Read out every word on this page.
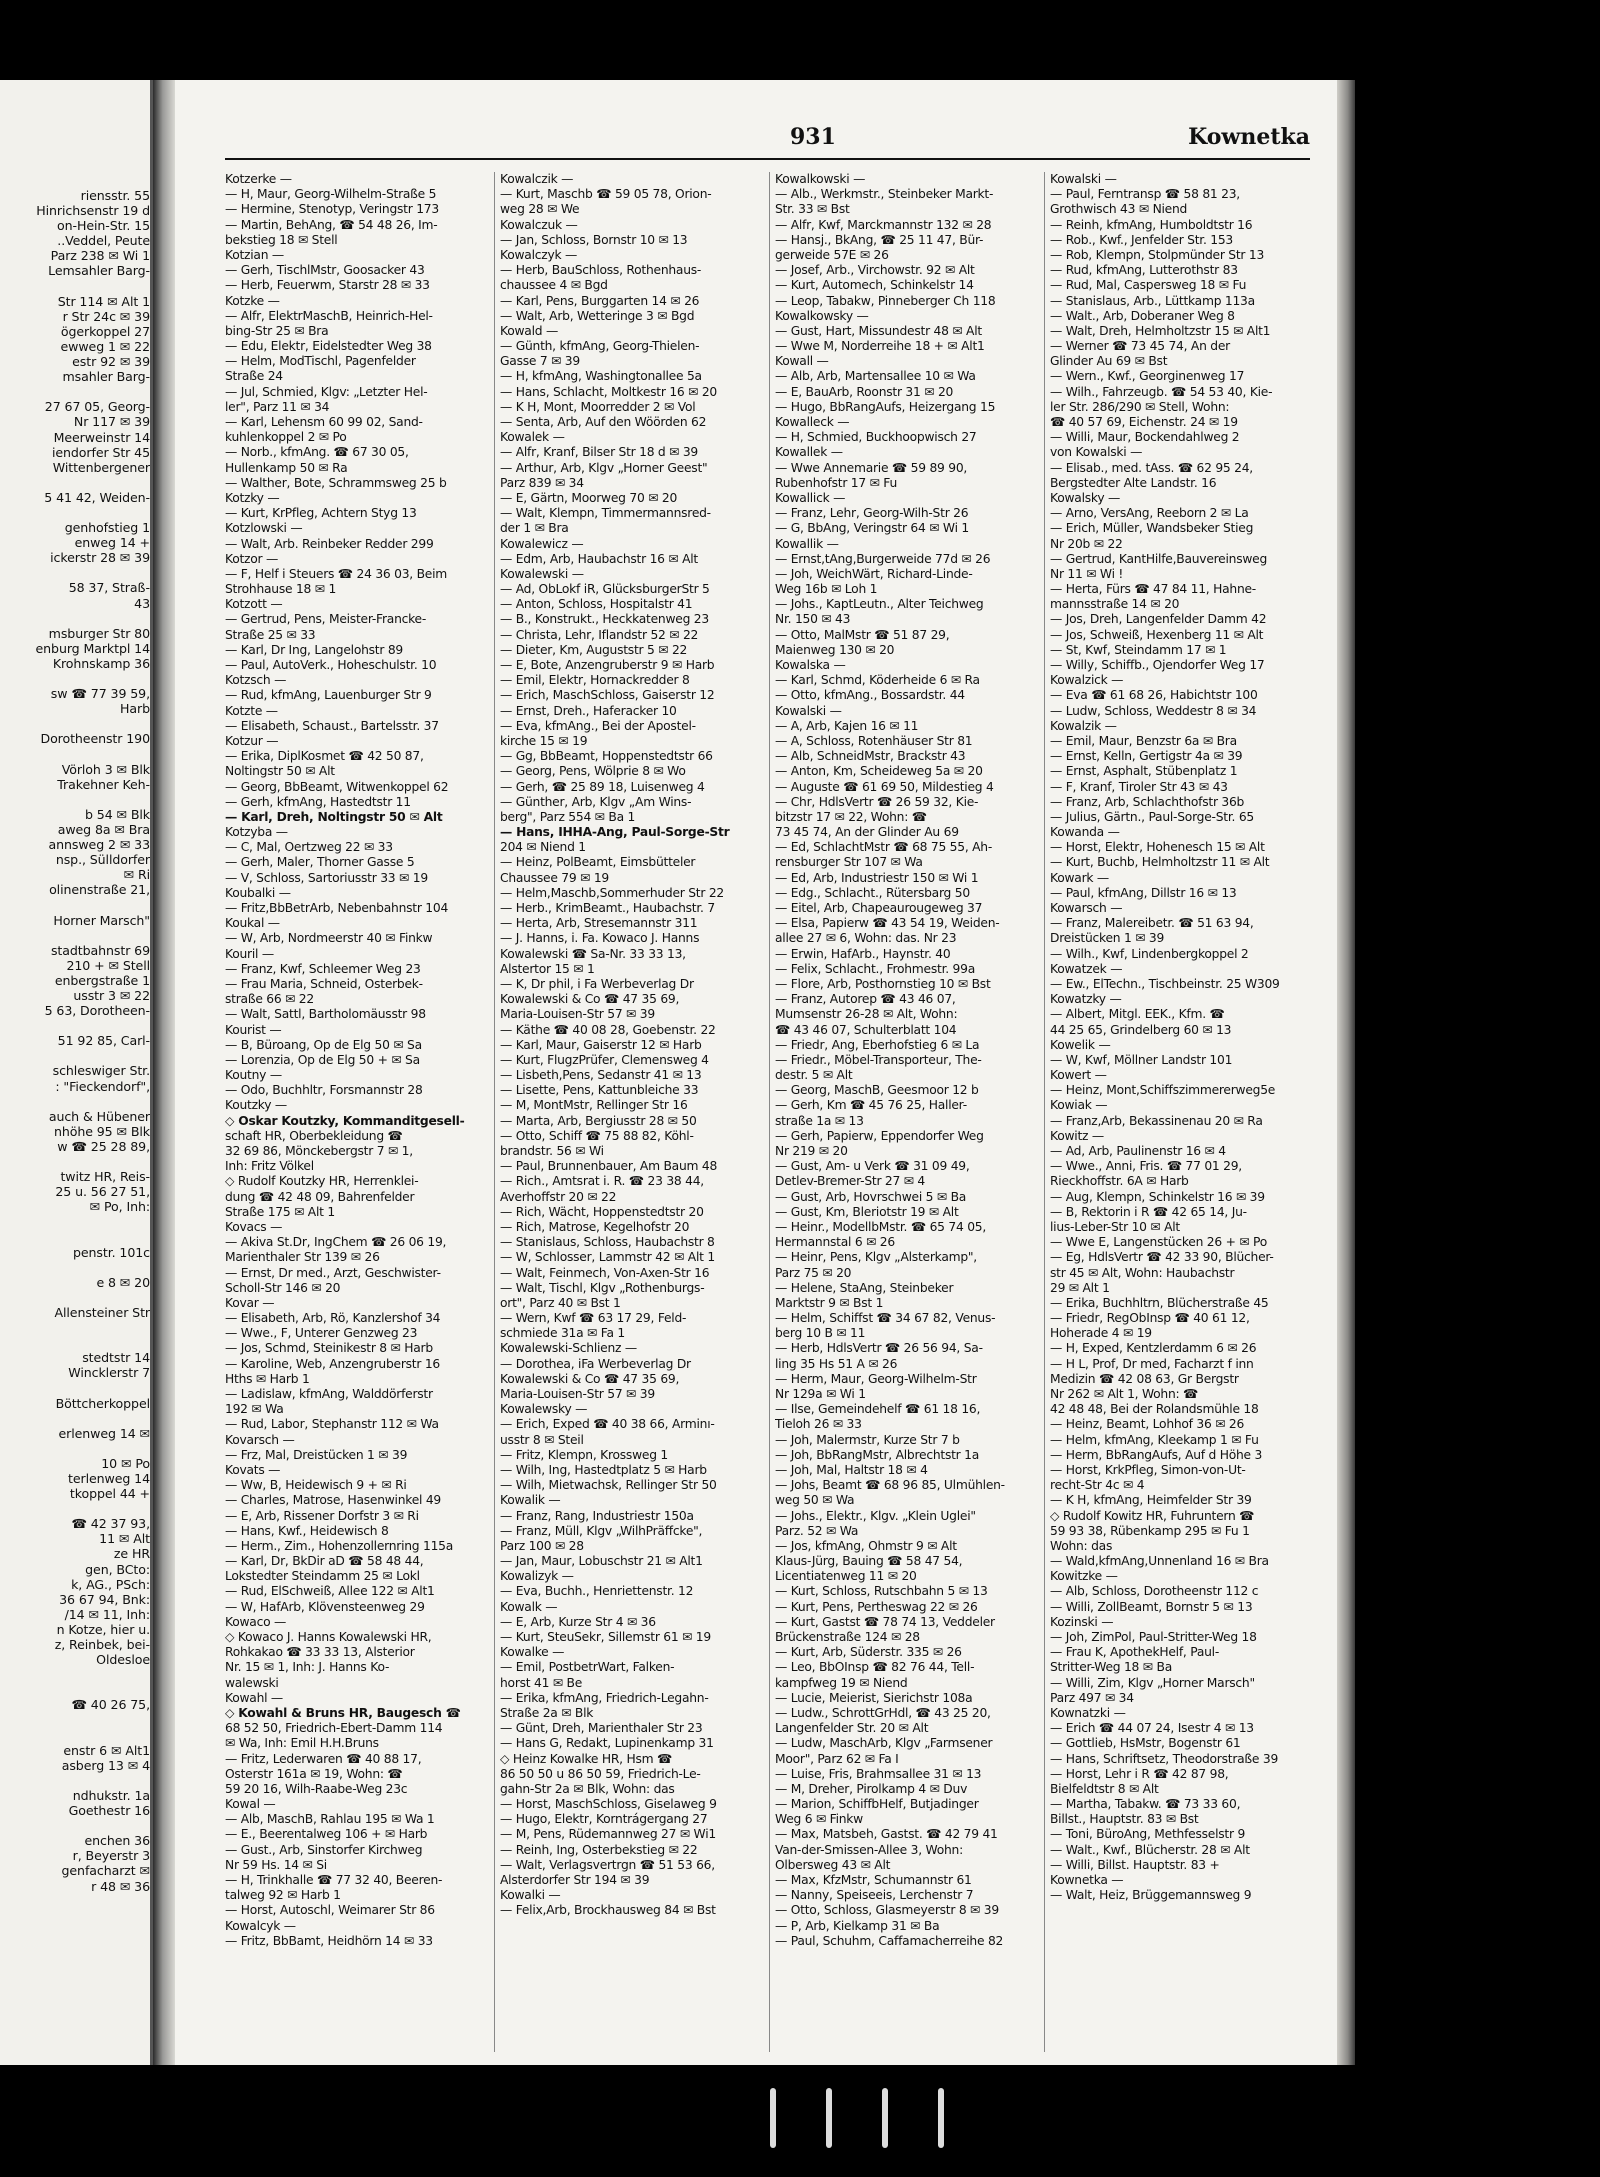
riensstr. 55
Hinrichsenstr 19 d
on-Hein-Str. 15
..Veddel, Peute
Parz 238 ✉ Wi 1
Lemsahler Barg-
Str 114 ✉ Alt 1
r Str 24c ✉ 39
ögerkoppel 27
ewweg 1 ✉ 22
estr 92 ✉ 39
msahler Barg-
27 67 05, Georg-
Nr 117 ✉ 39
Meerweinstr 14
iendorfer Str 45
Wittenbergener
5 41 42, Weiden-
genhofstieg 1
enweg 14 +
ickerstr 28 ✉ 39
58 37, Straß-
43
msburger Str 80
enburg Marktpl 14
Krohnskamp 36
sw ☎ 77 39 59,
Harb
Dorotheenstr 190
Vörloh 3 ✉ Blk
Trakehner Keh-
b 54 ✉ Blk
aweg 8a ✉ Bra
annsweg 2 ✉ 33
nsp., Sülldorfer
✉ Ri
olinenstraße 21,
Horner Marsch"
stadtbahnstr 69
210 + ✉ Stell
enbergstraße 1
usstr 3 ✉ 22
5 63, Dorotheen-
51 92 85, Carl-
schleswiger Str.
: "Fieckendorf",
auch & Hübener
nhöhe 95 ✉ Blk
w ☎ 25 28 89,
twitz HR, Reis-
25 u. 56 27 51,
✉ Po, Inh:
penstr. 101c
e 8 ✉ 20
Allensteiner Str
stedtstr 14
Wincklerstr 7
Böttcherkoppel
erlenweg 14 ✉
10 ✉ Po
terlenweg 14
tkoppel 44 +
☎ 42 37 93,
11 ✉ Alt
ze HR
gen, BCto:
k, AG., PSch:
36 67 94, Bnk:
/14 ✉ 11, Inh:
n Kotze, hier u.
z, Reinbek, bei-
Oldesloe
☎ 40 26 75,
enstr 6 ✉ Alt1
asberg 13 ✉ 4
ndhukstr. 1a
Goethestr 16
enchen 36
r, Beyerstr 3
genfacharzt ✉
r 48 ✉ 36
931	Kownetka
Kotzerke —
— H, Maur, Georg-Wilhelm-Straße 5
— Hermine, Stenotyp, Veringstr 173
— Martin, BehAng, ☎ 54 48 26, Im-
bekstieg 18 ✉ Stell
Kotzian —
— Gerh, TischlMstr, Goosacker 43
— Herb, Feuerwm, Starstr 28 ✉ 33
Kotzke —
— Alfr, ElektrMaschB, Heinrich-Hel-
bing-Str 25 ✉ Bra
— Edu, Elektr, Eidelstedter Weg 38
— Helm, ModTischl, Pagenfelder
Straße 24
— Jul, Schmied, Klgv: „Letzter Hel-
ler", Parz 11 ✉ 34
— Karl, Lehensm 60 99 02, Sand-
kuhlenkoppel 2 ✉ Po
— Norb., kfmAng. ☎ 67 30 05,
Hullenkamp 50 ✉ Ra
— Walther, Bote, Schrammsweg 25 b
Kotzky —
— Kurt, KrPfleg, Achtern Styg 13
Kotzlowski —
— Walt, Arb. Reinbeker Redder 299
Kotzor —
— F, Helf i Steuers ☎ 24 36 03, Beim
Strohhause 18 ✉ 1
Kotzott —
— Gertrud, Pens, Meister-Francke-
Straße 25 ✉ 33
— Karl, Dr Ing, Langelohstr 89
— Paul, AutoVerk., Hoheschulstr. 10
Kotzsch —
— Rud, kfmAng, Lauenburger Str 9
Kotzte —
— Elisabeth, Schaust., Bartelsstr. 37
Kotzur —
— Erika, DiplKosmet ☎ 42 50 87,
Noltingstr 50 ✉ Alt
— Georg, BbBeamt, Witwenkoppel 62
— Gerh, kfmAng, Hastedtstr 11
— Karl, Dreh, Noltingstr 50 ✉ Alt
Kotzyba —
— C, Mal, Oertzweg 22 ✉ 33
— Gerh, Maler, Thorner Gasse 5
— V, Schloss, Sartoriusstr 33 ✉ 19
Koubalki —
— Fritz,BbBetrArb, Nebenbahnstr 104
Koukal —
— W, Arb, Nordmeerstr 40 ✉ Finkw
Kouril —
— Franz, Kwf, Schleemer Weg 23
— Frau Maria, Schneid, Osterbek-
straße 66 ✉ 22
— Walt, Sattl, Bartholomäusstr 98
Kourist —
— B, Büroang, Op de Elg 50 ✉ Sa
— Lorenzia, Op de Elg 50 + ✉ Sa
Koutny —
— Odo, Buchhltr, Forsmannstr 28
Koutzky —
◇ Oskar Koutzky, Kommanditgesell-
schaft HR, Oberbekleidung ☎
32 69 86, Mönckebergstr 7 ✉ 1,
Inh: Fritz Völkel
◇ Rudolf Koutzky HR, Herrenklei-
dung ☎ 42 48 09, Bahrenfelder
Straße 175 ✉ Alt 1
Kovacs —
— Akiva St.Dr, IngChem ☎ 26 06 19,
Marienthaler Str 139 ✉ 26
— Ernst, Dr med., Arzt, Geschwister-
Scholl-Str 146 ✉ 20
Kovar —
— Elisabeth, Arb, Rö, Kanzlershof 34
— Wwe., F, Unterer Genzweg 23
— Jos, Schmd, Steinikestr 8 ✉ Harb
— Karoline, Web, Anzengruberstr 16
Hths ✉ Harb 1
— Ladislaw, kfmAng, Walddörferstr
192 ✉ Wa
— Rud, Labor, Stephanstr 112 ✉ Wa
Kovarsch —
— Frz, Mal, Dreistücken 1 ✉ 39
Kovats —
— Ww, B, Heidewisch 9 + ✉ Ri
— Charles, Matrose, Hasenwinkel 49
— E, Arb, Rissener Dorfstr 3 ✉ Ri
— Hans, Kwf., Heidewisch 8
— Herm., Zim., Hohenzollernring 115a
— Karl, Dr, BkDir aD ☎ 58 48 44,
Lokstedter Steindamm 25 ✉ Lokl
— Rud, ElSchweiß, Allee 122 ✉ Alt1
— W, HafArb, Klövensteenweg 29
Kowaco —
◇ Kowaco J. Hanns Kowalewski HR,
Rohkakao ☎ 33 33 13, Alsterior
Nr. 15 ✉ 1, Inh: J. Hanns Ko-
walewski
Kowahl —
◇ Kowahl & Bruns HR, Baugesch ☎
68 52 50, Friedrich-Ebert-Damm 114
✉ Wa, Inh: Emil H.H.Bruns
— Fritz, Lederwaren ☎ 40 88 17,
Osterstr 161a ✉ 19, Wohn: ☎
59 20 16, Wilh-Raabe-Weg 23c
Kowal —
— Alb, MaschB, Rahlau 195 ✉ Wa 1
— E., Beerentalweg 106 + ✉ Harb
— Gust., Arb, Sinstorfer Kirchweg
Nr 59 Hs. 14 ✉ Si
— H, Trinkhalle ☎ 77 32 40, Beeren-
talweg 92 ✉ Harb 1
— Horst, Autoschl, Weimarer Str 86
Kowalcyk —
— Fritz, BbBamt, Heidhörn 14 ✉ 33
Kowalczik —
— Kurt, Maschb ☎ 59 05 78, Orion-
weg 28 ✉ We
Kowalczuk —
— Jan, Schloss, Bornstr 10 ✉ 13
Kowalczyk —
— Herb, BauSchloss, Rothenhaus-
chaussee 4 ✉ Bgd
— Karl, Pens, Burggarten 14 ✉ 26
— Walt, Arb, Wetteringe 3 ✉ Bgd
Kowald —
— Günth, kfmAng, Georg-Thielen-
Gasse 7 ✉ 39
— H, kfmAng, Washingtonallee 5a
— Hans, Schlacht, Moltkestr 16 ✉ 20
— K H, Mont, Moorredder 2 ✉ Vol
— Senta, Arb, Auf den Wöörden 62
Kowalek —
— Alfr, Kranf, Bilser Str 18 d ✉ 39
— Arthur, Arb, Klgv „Horner Geest"
Parz 839 ✉ 34
— E, Gärtn, Moorweg 70 ✉ 20
— Walt, Klempn, Timmermannsred-
der 1 ✉ Bra
Kowalewicz —
— Edm, Arb, Haubachstr 16 ✉ Alt
Kowalewski —
— Ad, ObLokf iR, GlücksburgerStr 5
— Anton, Schloss, Hospitalstr 41
— B., Konstrukt., Heckkatenweg 23
— Christa, Lehr, Iflandstr 52 ✉ 22
— Dieter, Km, Auguststr 5 ✉ 22
— E, Bote, Anzengruberstr 9 ✉ Harb
— Emil, Elektr, Hornackredder 8
— Erich, MaschSchloss, Gaiserstr 12
— Ernst, Dreh., Haferacker 10
— Eva, kfmAng., Bei der Apostel-
kirche 15 ✉ 19
— Gg, BbBeamt, Hoppenstedtstr 66
— Georg, Pens, Wölprie 8 ✉ Wo
— Gerh, ☎ 25 89 18, Luisenweg 4
— Günther, Arb, Klgv „Am Wins-
berg", Parz 554 ✉ Ba 1
— Hans, IHHA-Ang, Paul-Sorge-Str
204 ✉ Niend 1
— Heinz, PolBeamt, Eimsbütteler
Chaussee 79 ✉ 19
— Helm,Maschb,Sommerhuder Str 22
— Herb., KrimBeamt., Haubachstr. 7
— Herta, Arb, Stresemannstr 311
— J. Hanns, i. Fa. Kowaco J. Hanns
Kowalewski ☎ Sa-Nr. 33 33 13,
Alstertor 15 ✉ 1
— K, Dr phil, i Fa Werbeverlag Dr
Kowalewski & Co ☎ 47 35 69,
Maria-Louisen-Str 57 ✉ 39
— Käthe ☎ 40 08 28, Goebenstr. 22
— Karl, Maur, Gaiserstr 12 ✉ Harb
— Kurt, FlugzPrüfer, Clemensweg 4
— Lisbeth,Pens, Sedanstr 41 ✉ 13
— Lisette, Pens, Kattunbleiche 33
— M, MontMstr, Rellinger Str 16
— Marta, Arb, Bergiusstr 28 ✉ 50
— Otto, Schiff ☎ 75 88 82, Köhl-
brandstr. 56 ✉ Wi
— Paul, Brunnenbauer, Am Baum 48
— Rich., Amtsrat i. R. ☎ 23 38 44,
Averhoffstr 20 ✉ 22
— Rich, Wächt, Hoppenstedtstr 20
— Rich, Matrose, Kegelhofstr 20
— Stanislaus, Schloss, Haubachstr 8
— W, Schlosser, Lammstr 42 ✉ Alt 1
— Walt, Feinmech, Von-Axen-Str 16
— Walt, Tischl, Klgv „Rothenburgs-
ort", Parz 40 ✉ Bst 1
— Wern, Kwf ☎ 63 17 29, Feld-
schmiede 31a ✉ Fa 1
Kowalewski-Schlienz —
— Dorothea, iFa Werbeverlag Dr
Kowalewski & Co ☎ 47 35 69,
Maria-Louisen-Str 57 ✉ 39
Kowalewsky —
— Erich, Exped ☎ 40 38 66, Arminı-
usstr 8 ✉ Steil
— Fritz, Klempn, Krossweg 1
— Wilh, Ing, Hastedtplatz 5 ✉ Harb
— Wilh, Mietwachsk, Rellinger Str 50
Kowalik —
— Franz, Rang, Industriestr 150a
— Franz, Müll, Klgv „WilhPräffcke",
Parz 100 ✉ 28
— Jan, Maur, Lobuschstr 21 ✉ Alt1
Kowalizyk —
— Eva, Buchh., Henriettenstr. 12
Kowalk —
— E, Arb, Kurze Str 4 ✉ 36
— Kurt, SteuSekr, Sillemstr 61 ✉ 19
Kowalke —
— Emil, PostbetrWart, Falken-
horst 41 ✉ Be
— Erika, kfmAng, Friedrich-Legahn-
Straße 2a ✉ Blk
— Günt, Dreh, Marienthaler Str 23
— Hans G, Redakt, Lupinenkamp 31
◇ Heinz Kowalke HR, Hsm ☎
86 50 50 u 86 50 59, Friedrich-Le-
gahn-Str 2a ✉ Blk, Wohn: das
— Horst, MaschSchloss, Giselaweg 9
— Hugo, Elektr, Korntrágergang 27
— M, Pens, Rüdemannweg 27 ✉ Wi1
— Reinh, Ing, Osterbekstieg ✉ 22
— Walt, Verlagsvertrgn ☎ 51 53 66,
Alsterdorfer Str 194 ✉ 39
Kowalki —
— Felix,Arb, Brockhausweg 84 ✉ Bst
Kowalkowski —
— Alb., Werkmstr., Steinbeker Markt-
Str. 33 ✉ Bst
— Alfr, Kwf, Marckmannstr 132 ✉ 28
— Hansj., BkAng, ☎ 25 11 47, Bür-
gerweide 57E ✉ 26
— Josef, Arb., Virchowstr. 92 ✉ Alt
— Kurt, Automech, Schinkelstr 14
— Leop, Tabakw, Pinneberger Ch 118
Kowalkowsky —
— Gust, Hart, Missundestr 48 ✉ Alt
— Wwe M, Norderreihe 18 + ✉ Alt1
Kowall —
— Alb, Arb, Martensallee 10 ✉ Wa
— E, BauArb, Roonstr 31 ✉ 20
— Hugo, BbRangAufs, Heizergang 15
Kowalleck —
— H, Schmied, Buckhoopwisch 27
Kowallek —
— Wwe Annemarie ☎ 59 89 90,
Rubenhofstr 17 ✉ Fu
Kowallick —
— Franz, Lehr, Georg-Wilh-Str 26
— G, BbAng, Veringstr 64 ✉ Wi 1
Kowallik —
— Ernst,tAng,Burgerweide 77d ✉ 26
— Joh, WeichWärt, Richard-Linde-
Weg 16b ✉ Loh 1
— Johs., KaptLeutn., Alter Teichweg
Nr. 150 ✉ 43
— Otto, MalMstr ☎ 51 87 29,
Maienweg 130 ✉ 20
Kowalska —
— Karl, Schmd, Köderheide 6 ✉ Ra
— Otto, kfmAng., Bossardstr. 44
Kowalski —
— A, Arb, Kajen 16 ✉ 11
— A, Schloss, Rotenhäuser Str 81
— Alb, SchneidMstr, Brackstr 43
— Anton, Km, Scheideweg 5a ✉ 20
— Auguste ☎ 61 69 50, Mildestieg 4
— Chr, HdlsVertr ☎ 26 59 32, Kie-
bitzstr 17 ✉ 22, Wohn: ☎
73 45 74, An der Glinder Au 69
— Ed, SchlachtMstr ☎ 68 75 55, Ah-
rensburger Str 107 ✉ Wa
— Ed, Arb, Industriestr 150 ✉ Wi 1
— Edg., Schlacht., Rütersbarg 50
— Eitel, Arb, Chapeaurougeweg 37
— Elsa, Papierw ☎ 43 54 19, Weiden-
allee 27 ✉ 6, Wohn: das. Nr 23
— Erwin, HafArb., Haynstr. 40
— Felix, Schlacht., Frohmestr. 99a
— Flore, Arb, Posthornstieg 10 ✉ Bst
— Franz, Autorep ☎ 43 46 07,
Mumsenstr 26-28 ✉ Alt, Wohn:
☎ 43 46 07, Schulterblatt 104
— Friedr, Ang, Eberhofstieg 6 ✉ La
— Friedr., Möbel-Transporteur, The-
destr. 5 ✉ Alt
— Georg, MaschB, Geesmoor 12 b
— Gerh, Km ☎ 45 76 25, Haller-
straße 1a ✉ 13
— Gerh, Papierw, Eppendorfer Weg
Nr 219 ✉ 20
— Gust, Am- u Verk ☎ 31 09 49,
Detlev-Bremer-Str 27 ✉ 4
— Gust, Arb, Hovrschwei 5 ✉ Ba
— Gust, Km, Bleriotstr 19 ✉ Alt
— Heinr., ModellbMstr. ☎ 65 74 05,
Hermannstal 6 ✉ 26
— Heinr, Pens, Klgv „Alsterkamp",
Parz 75 ✉ 20
— Helene, StaAng, Steinbeker
Marktstr 9 ✉ Bst 1
— Helm, Schiffst ☎ 34 67 82, Venus-
berg 10 B ✉ 11
— Herb, HdlsVertr ☎ 26 56 94, Sa-
ling 35 Hs 51 A ✉ 26
— Herm, Maur, Georg-Wilhelm-Str
Nr 129a ✉ Wi 1
— Ilse, Gemeindehelf ☎ 61 18 16,
Tieloh 26 ✉ 33
— Joh, Malermstr, Kurze Str 7 b
— Joh, BbRangMstr, Albrechtstr 1a
— Joh, Mal, Haltstr 18 ✉ 4
— Johs, Beamt ☎ 68 96 85, Ulmühlen-
weg 50 ✉ Wa
— Johs., Elektr., Klgv. „Klein Uglei"
Parz. 52 ✉ Wa
— Jos, kfmAng, Ohmstr 9 ✉ Alt
Klaus-Jürg, Bauing ☎ 58 47 54,
Licentiatenweg 11 ✉ 20
— Kurt, Schloss, Rutschbahn 5 ✉ 13
— Kurt, Pens, Pertheswag 22 ✉ 26
— Kurt, Gastst ☎ 78 74 13, Veddeler
Brückenstraße 124 ✉ 28
— Kurt, Arb, Süderstr. 335 ✉ 26
— Leo, BbOInsp ☎ 82 76 44, Tell-
kampfweg 19 ✉ Niend
— Lucie, Meierist, Sierichstr 108a
— Ludw., SchrottGrHdl, ☎ 43 25 20,
Langenfelder Str. 20 ✉ Alt
— Ludw, MaschArb, Klgv „Farmsener
Moor", Parz 62 ✉ Fa I
— Luise, Fris, Brahmsallee 31 ✉ 13
— M, Dreher, Pirolkamp 4 ✉ Duv
— Marion, SchiffbHelf, Butjadinger
Weg 6 ✉ Finkw
— Max, Matsbeh, Gastst. ☎ 42 79 41
Van-der-Smissen-Allee 3, Wohn:
Olbersweg 43 ✉ Alt
— Max, KfzMstr, Schumannstr 61
— Nanny, Speiseeis, Lerchenstr 7
— Otto, Schloss, Glasmeyerstr 8 ✉ 39
— P, Arb, Kielkamp 31 ✉ Ba
— Paul, Schuhm, Caffamacherreihe 82
Kowalski —
— Paul, Ferntransp ☎ 58 81 23,
Grothwisch 43 ✉ Niend
— Reinh, kfmAng, Humboldtstr 16
— Rob., Kwf., Jenfelder Str. 153
— Rob, Klempn, Stolpmünder Str 13
— Rud, kfmAng, Lutterothstr 83
— Rud, Mal, Caspersweg 18 ✉ Fu
— Stanislaus, Arb., Lüttkamp 113a
— Walt., Arb, Doberaner Weg 8
— Walt, Dreh, Helmholtzstr 15 ✉ Alt1
— Werner ☎ 73 45 74, An der
Glinder Au 69 ✉ Bst
— Wern., Kwf., Georginenweg 17
— Wilh., Fahrzeugb. ☎ 54 53 40, Kie-
ler Str. 286/290 ✉ Stell, Wohn:
☎ 40 57 69, Eichenstr. 24 ✉ 19
— Willi, Maur, Bockendahlweg 2
von Kowalski —
— Elisab., med. tAss. ☎ 62 95 24,
Bergstedter Alte Landstr. 16
Kowalsky —
— Arno, VersAng, Reeborn 2 ✉ La
— Erich, Müller, Wandsbeker Stieg
Nr 20b ✉ 22
— Gertrud, KantHilfe,Bauvereinsweg
Nr 11 ✉ Wi !
— Herta, Fürs ☎ 47 84 11, Hahne-
mannsstraße 14 ✉ 20
— Jos, Dreh, Langenfelder Damm 42
— Jos, Schweiß, Hexenberg 11 ✉ Alt
— St, Kwf, Steindamm 17 ✉ 1
— Willy, Schiffb., Ojendorfer Weg 17
Kowalzick —
— Eva ☎ 61 68 26, Habichtstr 100
— Ludw, Schloss, Weddestr 8 ✉ 34
Kowalzik —
— Emil, Maur, Benzstr 6a ✉ Bra
— Ernst, Kelln, Gertigstr 4a ✉ 39
— Ernst, Asphalt, Stübenplatz 1
— F, Kranf, Tiroler Str 43 ✉ 43
— Franz, Arb, Schlachthofstr 36b
— Julius, Gärtn., Paul-Sorge-Str. 65
Kowanda —
— Horst, Elektr, Hohenesch 15 ✉ Alt
— Kurt, Buchb, Helmholtzstr 11 ✉ Alt
Kowark —
— Paul, kfmAng, Dillstr 16 ✉ 13
Kowarsch —
— Franz, Malereibetr. ☎ 51 63 94,
Dreistücken 1 ✉ 39
— Wilh., Kwf, Lindenbergkoppel 2
Kowatzek —
— Ew., ElTechn., Tischbeinstr. 25 W309
Kowatzky —
— Albert, Mitgl. EEK., Kfm. ☎
44 25 65, Grindelberg 60 ✉ 13
Kowelik —
— W, Kwf, Möllner Landstr 101
Kowert —
— Heinz, Mont,Schiffszimmererweg5e
Kowiak —
— Franz,Arb, Bekassinenau 20 ✉ Ra
Kowitz —
— Ad, Arb, Paulinenstr 16 ✉ 4
— Wwe., Anni, Fris. ☎ 77 01 29,
Rieckhoffstr. 6A ✉ Harb
— Aug, Klempn, Schinkelstr 16 ✉ 39
— B, Rektorin i R ☎ 42 65 14, Ju-
lius-Leber-Str 10 ✉ Alt
— Wwe E, Langenstücken 26 + ✉ Po
— Eg, HdlsVertr ☎ 42 33 90, Blücher-
str 45 ✉ Alt, Wohn: Haubachstr
29 ✉ Alt 1
— Erika, Buchhltrn, Blücherstraße 45
— Friedr, RegObInsp ☎ 40 61 12,
Hoherade 4 ✉ 19
— H, Exped, Kentzlerdamm 6 ✉ 26
— H L, Prof, Dr med, Facharzt f inn
Medizin ☎ 42 08 63, Gr Bergstr
Nr 262 ✉ Alt 1, Wohn: ☎
42 48 48, Bei der Rolandsmühle 18
— Heinz, Beamt, Lohhof 36 ✉ 26
— Helm, kfmAng, Kleekamp 1 ✉ Fu
— Herm, BbRangAufs, Auf d Höhe 3
— Horst, KrkPfleg, Simon-von-Ut-
recht-Str 4c ✉ 4
— K H, kfmAng, Heimfelder Str 39
◇ Rudolf Kowitz HR, Fuhruntern ☎
59 93 38, Rübenkamp 295 ✉ Fu 1
Wohn: das
— Wald,kfmAng,Unnenland 16 ✉ Bra
Kowitzke —
— Alb, Schloss, Dorotheenstr 112 c
— Willi, ZollBeamt, Bornstr 5 ✉ 13
Kozinski —
— Joh, ZimPol, Paul-Stritter-Weg 18
— Frau K, ApothekHelf, Paul-
Stritter-Weg 18 ✉ Ba
— Willi, Zim, Klgv „Horner Marsch"
Parz 497 ✉ 34
Kownatzki —
— Erich ☎ 44 07 24, Isestr 4 ✉ 13
— Gottlieb, HsMstr, Bogenstr 61
— Hans, Schriftsetz, Theodorstraße 39
— Horst, Lehr i R ☎ 42 87 98,
Bielfeldtstr 8 ✉ Alt
— Martha, Tabakw. ☎ 73 33 60,
Billst., Hauptstr. 83 ✉ Bst
— Toni, BüroAng, Methfesselstr 9
— Walt., Kwf., Blücherstr. 28 ✉ Alt
— Willi, Billst. Hauptstr. 83 +
Kownetka —
— Walt, Heiz, Brüggemannsweg 9
